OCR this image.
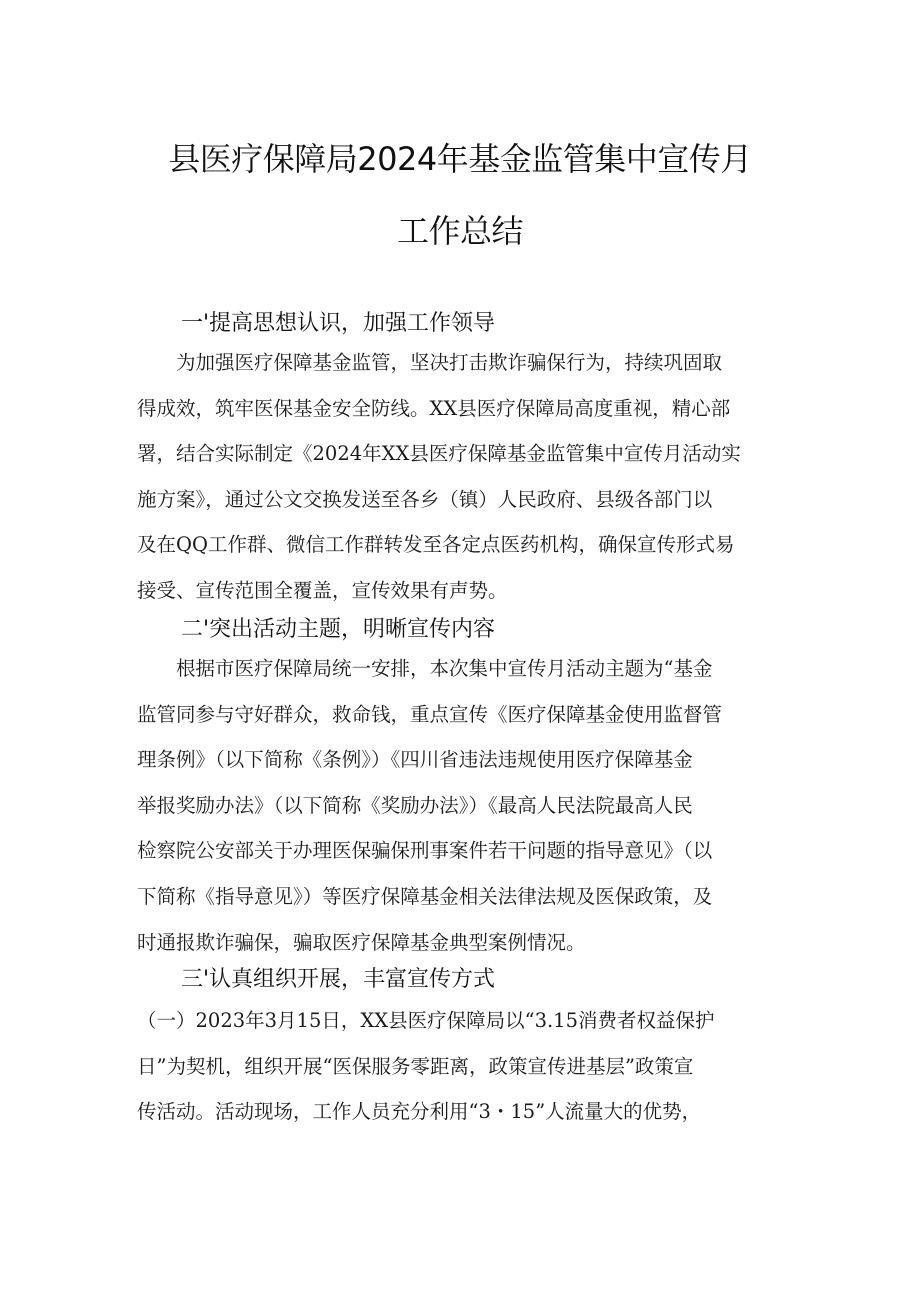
县医疗保障局2024年基金监管集中宣传月
工作总结
一'提高思想认识，加强工作领导
为加强医疗保障基金监管，坚决打击欺诈骗保行为，持续巩固取
得成效，筑牢医保基金安全防线。XX县医疗保障局高度重视，精心部
署，结合实际制定《2024年XX县医疗保障基金监管集中宣传月活动实
施方案》，通过公文交换发送至各乡（镇）人民政府、县级各部门以
及在QQ工作群、微信工作群转发至各定点医药机构，确保宣传形式易
接受、宣传范围全覆盖，宣传效果有声势。
二'突出活动主题，明晰宣传内容
根据市医疗保障局统一安排，本次集中宣传月活动主题为“基金
监管同参与守好群众，救命钱，重点宣传《医疗保障基金使用监督管
理条例》（以下简称《条例》）《四川省违法违规使用医疗保障基金
举报奖励办法》（以下简称《奖励办法》）《最高人民法院最高人民
检察院公安部关于办理医保骗保刑事案件若干问题的指导意见》（以
下简称《指导意见》）等医疗保障基金相关法律法规及医保政策，及
时通报欺诈骗保，骗取医疗保障基金典型案例情况。
三'认真组织开展，丰富宣传方式
（一）2023年3月15日，XX县医疗保障局以“3.15消费者权益保护
日”为契机，组织开展“医保服务零距离，政策宣传进基层”政策宣
传活动。活动现场，工作人员充分利用“3・15”人流量大的优势，
